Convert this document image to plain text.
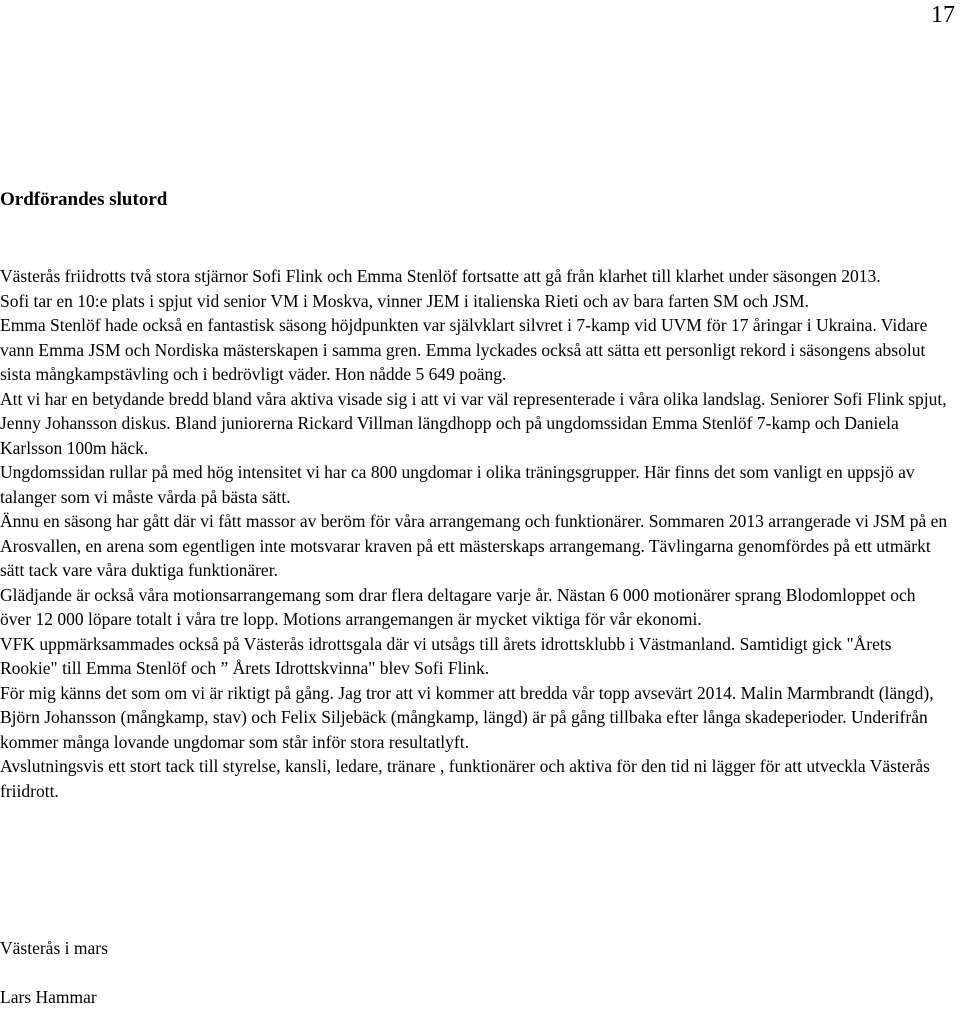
17
Ordförandes slutord

Västerås friidrotts två stora stjärnor Sofi Flink och Emma Stenlöf fortsatte att gå från klarhet till klarhet under säsongen 2013.

Sofi tar en 10:e plats i spjut vid senior VM i Moskva, vinner JEM i italienska Rieti och av bara farten SM och JSM.

Emma Stenlöf hade också en fantastisk säsong höjdpunkten var självklart silvret i 7-kamp vid UVM för 17 åringar i Ukraina. Vidare vann Emma JSM och Nordiska mästerskapen i samma gren. Emma lyckades också att sätta ett personligt rekord i säsongens absolut sista mångkampstävling och i bedrövligt väder. Hon nådde 5 649 poäng.

Att vi har en betydande bredd bland våra aktiva visade sig i att vi var väl representerade i våra olika landslag. Seniorer Sofi Flink spjut, Jenny Johansson diskus. Bland juniorerna Rickard Villman längdhopp och på ungdomssidan Emma Stenlöf 7-kamp och Daniela Karlsson 100m häck.

Ungdomssidan rullar på med hög intensitet vi har ca 800 ungdomar i olika träningsgrupper. Här finns det som vanligt en uppsjö av talanger som vi måste vårda på bästa sätt.

Ännu en säsong har gått där vi fått massor av beröm för våra arrangemang och funktionärer. Sommaren 2013 arrangerade vi JSM på en Arosvallen, en arena som egentligen inte motsvarar kraven på ett mästerskaps arrangemang. Tävlingarna genomfördes på ett utmärkt sätt tack vare våra duktiga funktionärer.

Glädjande är också våra motionsarrangemang som drar flera deltagare varje år. Nästan 6 000 motionärer sprang Blodomloppet och över 12 000 löpare totalt i våra tre lopp. Motions arrangemangen är mycket viktiga för vår ekonomi.

VFK uppmärksammades också på Västerås idrottsgala där vi utsågs till årets idrottsklubb i Västmanland. Samtidigt gick "Årets Rookie" till Emma Stenlöf och ” Årets Idrottskvinna" blev Sofi Flink.

För mig känns det som om vi är riktigt på gång. Jag tror att vi kommer att bredda vår topp avsevärt 2014. Malin Marmbrandt (längd), Björn Johansson (mångkamp, stav) och Felix Siljebäck (mångkamp, längd) är på gång tillbaka efter långa skadeperioder. Underifrån kommer många lovande ungdomar som står inför stora resultatlyft.

Avslutningsvis ett stort tack till styrelse, kansli, ledare, tränare , funktionärer och aktiva för den tid ni lägger för att utveckla Västerås friidrott.

Västerås i mars
Lars Hammar
